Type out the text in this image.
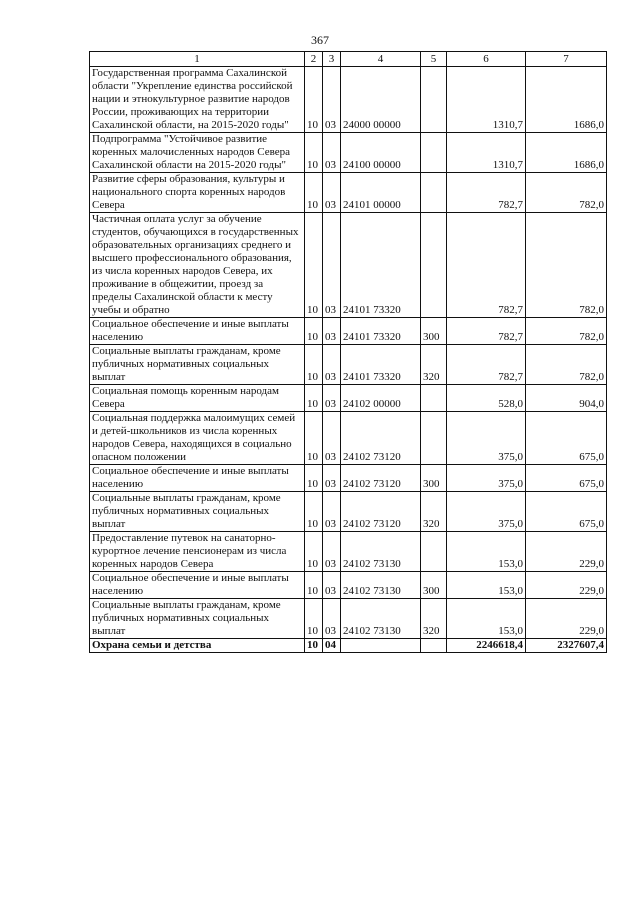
367
1	2	3	4	5	6	7
Государственная программа Сахалинской области "Укрепление единства российской нации и этнокультурное развитие народов России, проживающих на территории Сахалинской области, на 2015-2020 годы"	10	03	24000 00000		1310,7	1686,0
Подпрограмма "Устойчивое развитие коренных малочисленных народов Севера Сахалинской области на 2015-2020 годы"	10	03	24100 00000		1310,7	1686,0
Развитие сферы образования, культуры и национального спорта коренных народов Севера	10	03	24101 00000		782,7	782,0
Частичная оплата услуг за обучение студентов, обучающихся в государственных образовательных организациях среднего и высшего профессионального образования, из числа коренных народов Севера, их проживание в общежитии, проезд за пределы Сахалинской области к месту учебы и обратно	10	03	24101 73320		782,7	782,0
Социальное обеспечение и иные выплаты населению	10	03	24101 73320	300	782,7	782,0
Социальные выплаты гражданам, кроме публичных нормативных социальных выплат	10	03	24101 73320	320	782,7	782,0
Социальная помощь коренным народам Севера	10	03	24102 00000		528,0	904,0
Социальная поддержка малоимущих семей и детей-школьников из числа коренных народов Севера, находящихся в социально опасном положении	10	03	24102 73120		375,0	675,0
Социальное обеспечение и иные выплаты населению	10	03	24102 73120	300	375,0	675,0
Социальные выплаты гражданам, кроме публичных нормативных социальных выплат	10	03	24102 73120	320	375,0	675,0
Предоставление путевок на санаторно-курортное лечение пенсионерам из числа коренных народов Севера	10	03	24102 73130		153,0	229,0
Социальное обеспечение и иные выплаты населению	10	03	24102 73130	300	153,0	229,0
Социальные выплаты гражданам, кроме публичных нормативных социальных выплат	10	03	24102 73130	320	153,0	229,0
Охрана семьи и детства	10	04			2246618,4	2327607,4
